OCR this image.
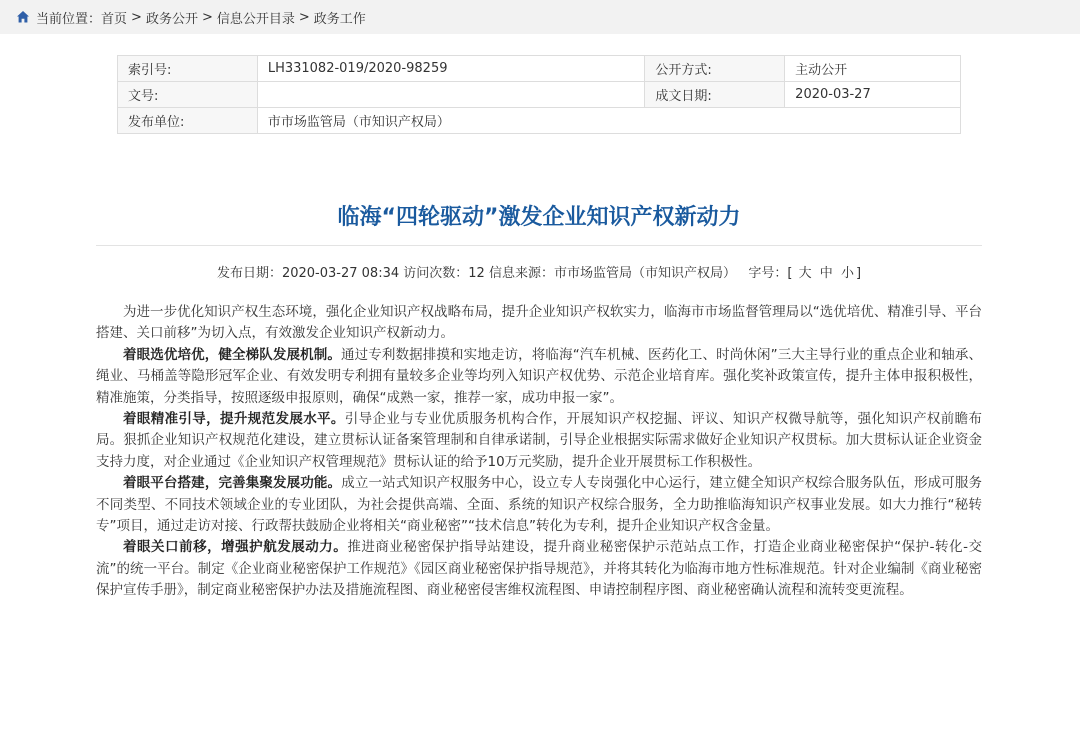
当前位置： 首页 > 政务公开 > 信息公开目录 > 政务工作
索引号:	LH331082-019/2020-98259	公开方式:	主动公开
文号:		成文日期:	2020-03-27
发布单位:	市市场监管局（市知识产权局）		
临海“四轮驱动”激发企业知识产权新动力
发布日期：2020-03-27 08:34 访问次数：12 信息来源：市市场监管局（市知识产权局） 字号：[ 大 中 小 ]

为进一步优化知识产权生态环境，强化企业知识产权战略布局，提升企业知识产权软实力，临海市市场监督管理局以“选优培优、精准引导、平台搭建、关口前移”为切入点，有效激发企业知识产权新动力。

着眼选优培优，健全梯队发展机制。通过专利数据排摸和实地走访，将临海“汽车机械、医药化工、时尚休闲”三大主导行业的重点企业和轴承、绳业、马桶盖等隐形冠军企业、有效发明专利拥有量较多企业等均列入知识产权优势、示范企业培育库。强化奖补政策宣传，提升主体申报积极性，精准施策，分类指导，按照逐级申报原则，确保“成熟一家，推荐一家，成功申报一家”。

着眼精准引导，提升规范发展水平。引导企业与专业优质服务机构合作，开展知识产权挖掘、评议、知识产权微导航等，强化知识产权前瞻布局。狠抓企业知识产权规范化建设，建立贯标认证备案管理制和自律承诺制，引导企业根据实际需求做好企业知识产权贯标。加大贯标认证企业资金支持力度，对企业通过《企业知识产权管理规范》贯标认证的给予10万元奖励，提升企业开展贯标工作积极性。

着眼平台搭建，完善集聚发展功能。成立一站式知识产权服务中心，设立专人专岗强化中心运行，建立健全知识产权综合服务队伍，形成可服务不同类型、不同技术领域企业的专业团队，为社会提供高端、全面、系统的知识产权综合服务，全力助推临海知识产权事业发展。如大力推行“秘转专”项目，通过走访对接、行政帮扶鼓励企业将相关“商业秘密”“技术信息”转化为专利，提升企业知识产权含金量。

着眼关口前移，增强护航发展动力。推进商业秘密保护指导站建设，提升商业秘密保护示范站点工作，打造企业商业秘密保护“保护-转化-交流”的统一平台。制定《企业商业秘密保护工作规范》《园区商业秘密保护指导规范》，并将其转化为临海市地方性标准规范。针对企业编制《商业秘密保护宣传手册》，制定商业秘密保护办法及措施流程图、商业秘密侵害维权流程图、申请控制程序图、商业秘密确认流程和流转变更流程。
